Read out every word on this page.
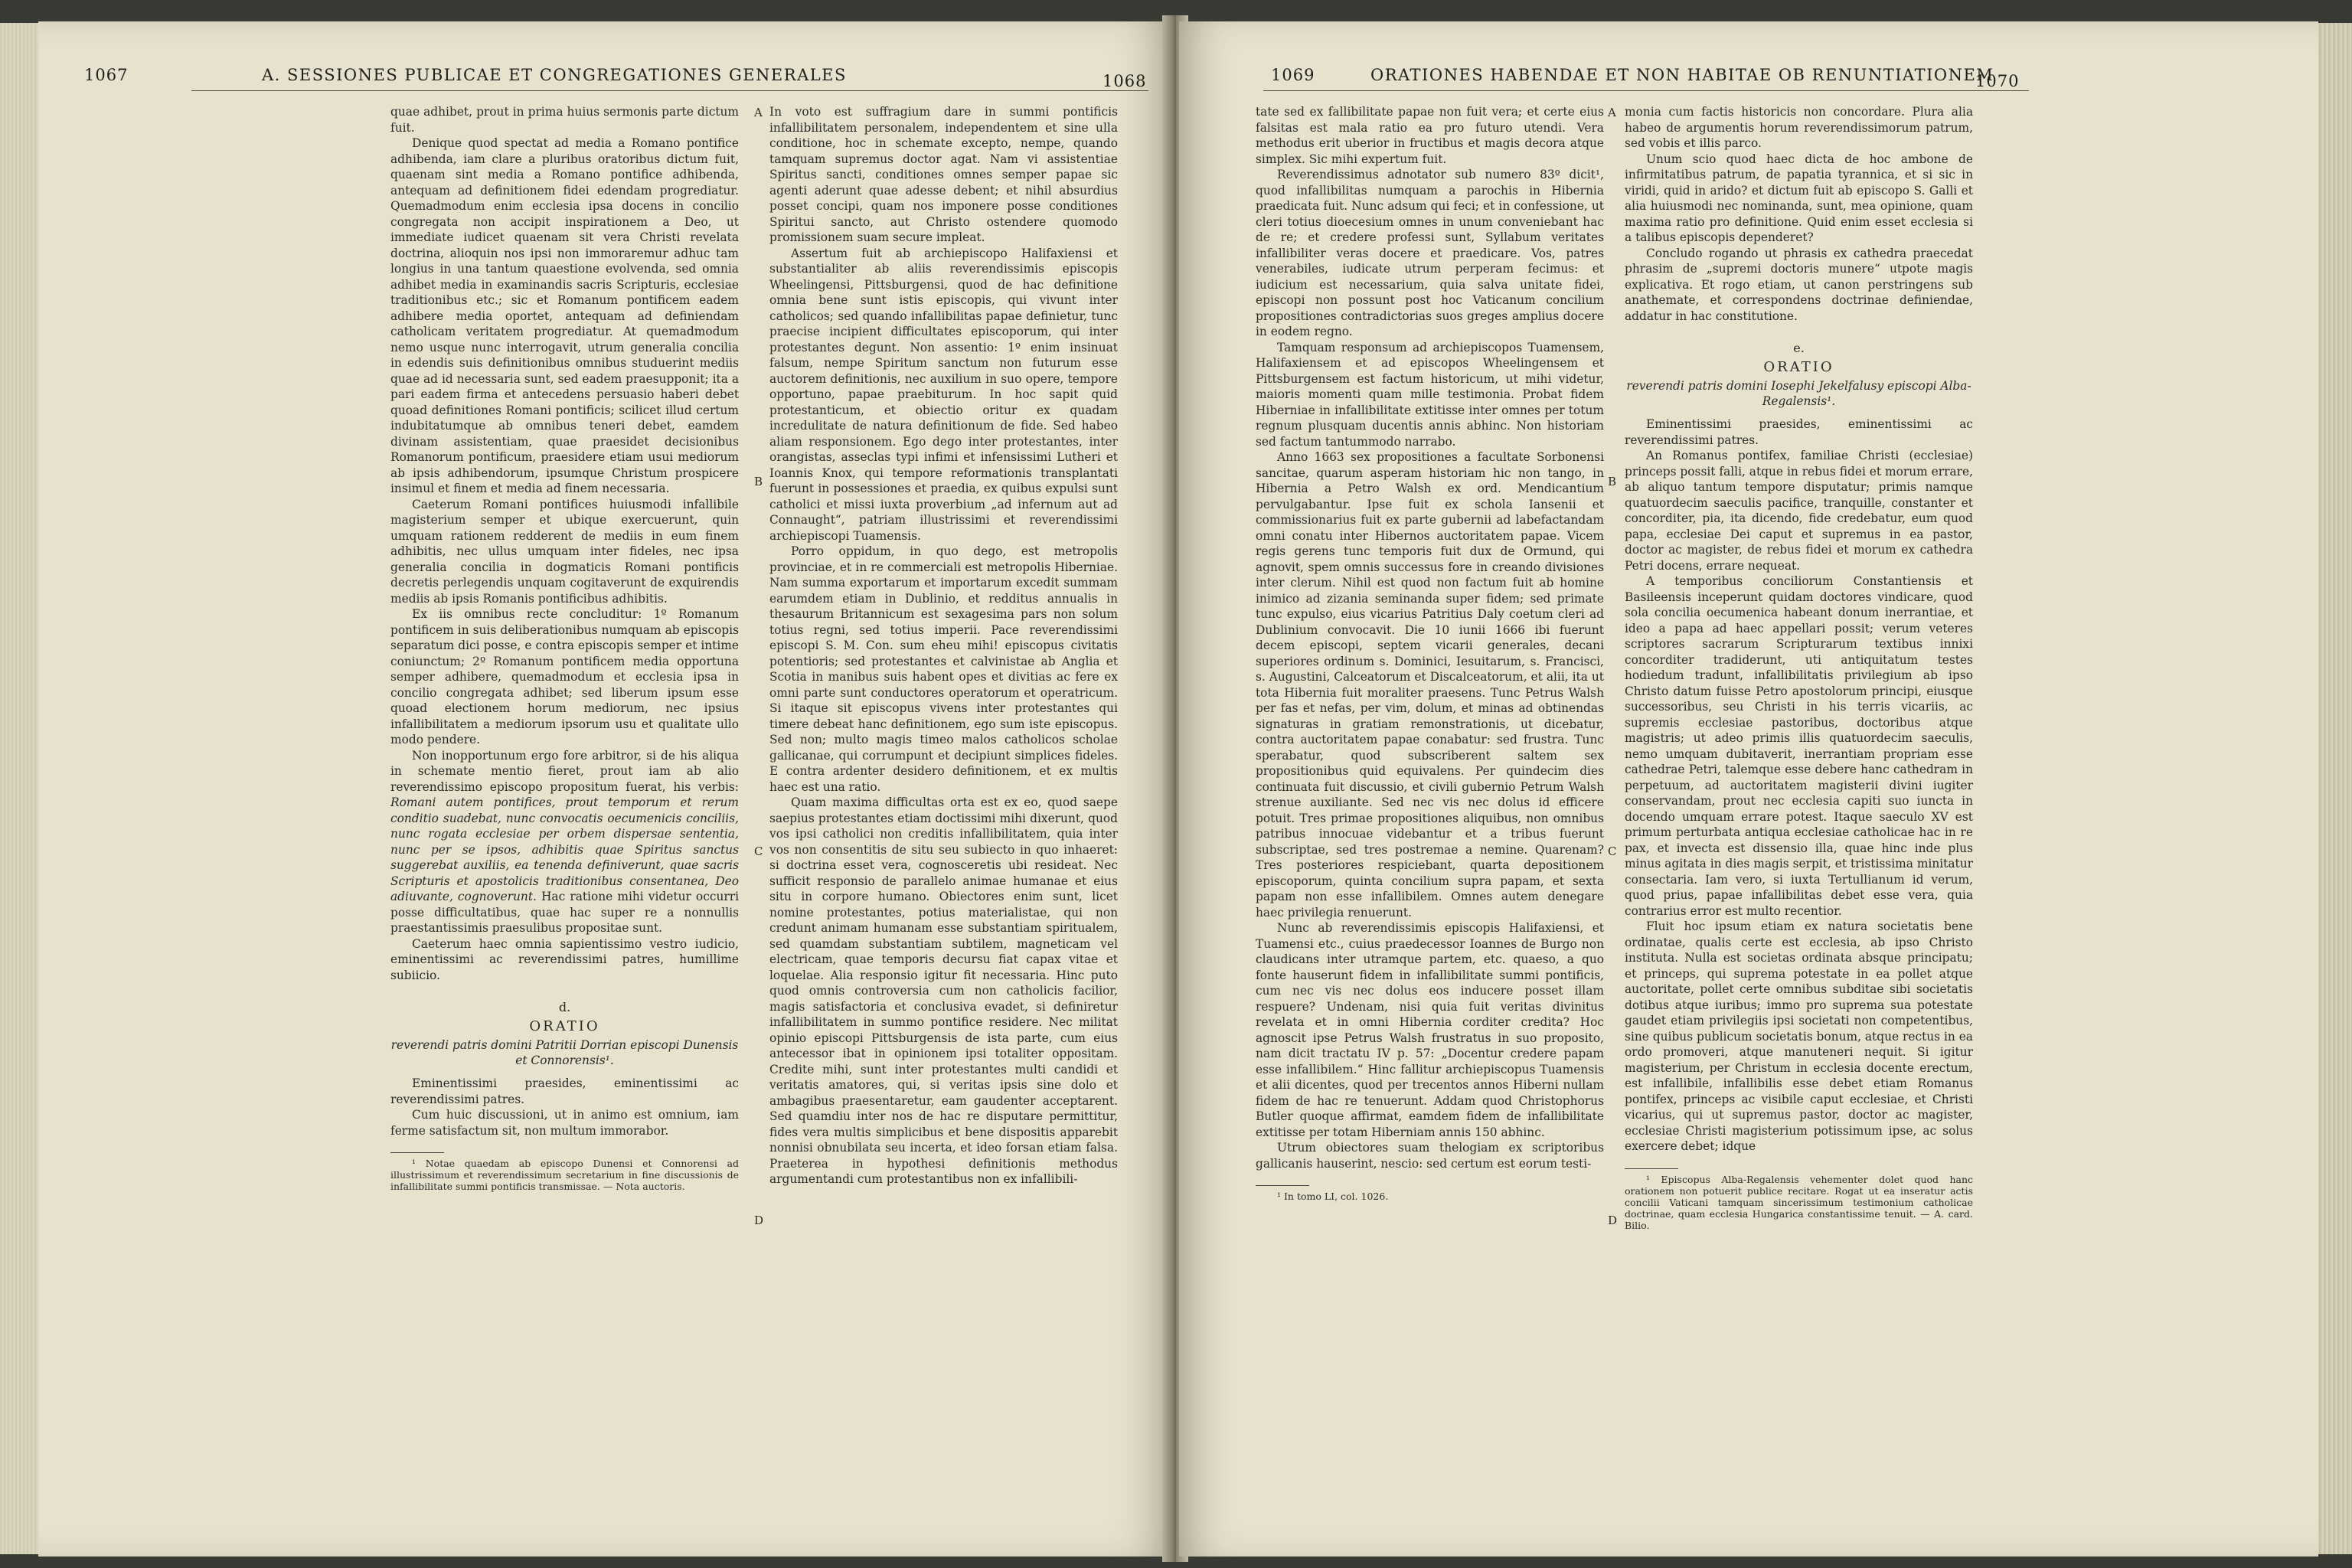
1067	A. SESSIONES PUBLICAE ET CONGREGATIONES GENERALES	1068

quae adhibet, prout in prima huius sermonis parte dictum fuit.

Denique quod spectat ad media a Romano pontifice adhibenda, iam clare a pluribus oratoribus dictum fuit, quaenam sint media a Romano pontifice adhibenda, antequam ad definitionem fidei edendam progrediatur. Quemadmodum enim ecclesia ipsa docens in concilio congregata non accipit inspirationem a Deo, ut immediate iudicet quaenam sit vera Christi revelata doctrina, alioquin nos ipsi non immoraremur adhuc tam longius in una tantum quaestione evolvenda, sed omnia adhibet media in examinandis sacris Scripturis, ecclesiae traditionibus etc.; sic et Romanum pontificem eadem adhibere media oportet, antequam ad definiendam catholicam veritatem progrediatur. At quemadmodum nemo usque nunc interrogavit, utrum generalia concilia in edendis suis definitionibus omnibus studuerint mediis quae ad id necessaria sunt, sed eadem praesupponit; ita a pari eadem firma et antecedens persuasio haberi debet quoad definitiones Romani pontificis; scilicet illud certum indubitatumque ab omnibus teneri debet, eamdem divinam assistentiam, quae praesidet decisionibus Romanorum pontificum, praesidere etiam usui mediorum ab ipsis adhibendorum, ipsumque Christum prospicere insimul et finem et media ad finem necessaria.

Caeterum Romani pontifices huiusmodi infallibile magisterium semper et ubique exercuerunt, quin umquam rationem redderent de mediis in eum finem adhibitis, nec ullus umquam inter fideles, nec ipsa generalia concilia in dogmaticis Romani pontificis decretis perlegendis unquam cogitaverunt de exquirendis mediis ab ipsis Romanis pontificibus adhibitis.

Ex iis omnibus recte concluditur: 1º Romanum pontificem in suis deliberationibus numquam ab episcopis separatum dici posse, e contra episcopis semper et intime coniunctum; 2º Romanum pontificem media opportuna semper adhibere, quemadmodum et ecclesia ipsa in concilio congregata adhibet; sed liberum ipsum esse quoad electionem horum mediorum, nec ipsius infallibilitatem a mediorum ipsorum usu et qualitate ullo modo pendere.

Non inopportunum ergo fore arbitror, si de his aliqua in schemate mentio fieret, prout iam ab alio reverendissimo episcopo propositum fuerat, his verbis: Romani autem pontifices, prout temporum et rerum conditio suadebat, nunc convocatis oecumenicis conciliis, nunc rogata ecclesiae per orbem dispersae sententia, nunc per se ipsos, adhibitis quae Spiritus sanctus suggerebat auxiliis, ea tenenda definiverunt, quae sacris Scripturis et apostolicis traditionibus consentanea, Deo adiuvante, cognoverunt. Hac ratione mihi videtur occurri posse difficultatibus, quae hac super re a nonnullis praestantissimis praesulibus propositae sunt.

Caeterum haec omnia sapientissimo vestro iudicio, eminentissimi ac reverendissimi patres, humillime subiicio.

d.
ORATIO
reverendi patris domini Patritii Dorrian episcopi Dunensis et Connorensis¹.

Eminentissimi praesides, eminentissimi ac reverendissimi patres.

Cum huic discussioni, ut in animo est omnium, iam ferme satisfactum sit, non multum immorabor.

¹ Notae quaedam ab episcopo Dunensi et Connorensi ad illustrissimum et reverendissimum secretarium in fine discussionis de infallibilitate summi pontificis transmissae. — Nota auctoris.

A
B
C
D

In voto est suffragium dare in summi pontificis infallibilitatem personalem, independentem et sine ulla conditione, hoc in schemate excepto, nempe, quando tamquam supremus doctor agat. Nam vi assistentiae Spiritus sancti, conditiones omnes semper papae sic agenti aderunt quae adesse debent; et nihil absurdius posset concipi, quam nos imponere posse conditiones Spiritui sancto, aut Christo ostendere quomodo promissionem suam secure impleat.

Assertum fuit ab archiepiscopo Halifaxiensi et substantialiter ab aliis reverendissimis episcopis Wheelingensi, Pittsburgensi, quod de hac definitione omnia bene sunt istis episcopis, qui vivunt inter catholicos; sed quando infallibilitas papae definietur, tunc praecise incipient difficultates episcoporum, qui inter protestantes degunt. Non assentio: 1º enim insinuat falsum, nempe Spiritum sanctum non futurum esse auctorem definitionis, nec auxilium in suo opere, tempore opportuno, papae praebiturum. In hoc sapit quid protestanticum, et obiectio oritur ex quadam incredulitate de natura definitionum de fide. Sed habeo aliam responsionem. Ego dego inter protestantes, inter orangistas, asseclas typi infimi et infensissimi Lutheri et Ioannis Knox, qui tempore reformationis transplantati fuerunt in possessiones et praedia, ex quibus expulsi sunt catholici et missi iuxta proverbium „ad infernum aut ad Connaught“, patriam illustrissimi et reverendissimi archiepiscopi Tuamensis.

Porro oppidum, in quo dego, est metropolis provinciae, et in re commerciali est metropolis Hiberniae. Nam summa exportarum et importarum excedit summam earumdem etiam in Dublinio, et redditus annualis in thesaurum Britannicum est sexagesima pars non solum totius regni, sed totius imperii. Pace reverendissimi episcopi S. M. Con. sum eheu mihi! episcopus civitatis potentioris; sed protestantes et calvinistae ab Anglia et Scotia in manibus suis habent opes et divitias ac fere ex omni parte sunt conductores operatorum et operatricum. Si itaque sit episcopus vivens inter protestantes qui timere debeat hanc definitionem, ego sum iste episcopus. Sed non; multo magis timeo malos catholicos scholae gallicanae, qui corrumpunt et decipiunt simplices fideles. E contra ardenter desidero definitionem, et ex multis haec est una ratio.

Quam maxima difficultas orta est ex eo, quod saepe saepius protestantes etiam doctissimi mihi dixerunt, quod vos ipsi catholici non creditis infallibilitatem, quia inter vos non consentitis de situ seu subiecto in quo inhaeret: si doctrina esset vera, cognosceretis ubi resideat. Nec sufficit responsio de parallelo animae humanae et eius situ in corpore humano. Obiectores enim sunt, licet nomine protestantes, potius materialistae, qui non credunt animam humanam esse substantiam spiritualem, sed quamdam substantiam subtilem, magneticam vel electricam, quae temporis decursu fiat capax vitae et loquelae. Alia responsio igitur fit necessaria. Hinc puto quod omnis controversia cum non catholicis facilior, magis satisfactoria et conclusiva evadet, si definiretur infallibilitatem in summo pontifice residere. Nec militat opinio episcopi Pittsburgensis de ista parte, cum eius antecessor ibat in opinionem ipsi totaliter oppositam. Credite mihi, sunt inter protestantes multi candidi et veritatis amatores, qui, si veritas ipsis sine dolo et ambagibus praesentaretur, eam gaudenter acceptarent. Sed quamdiu inter nos de hac re disputare permittitur, fides vera multis simplicibus et bene dispositis apparebit nonnisi obnubilata seu incerta, et ideo forsan etiam falsa. Praeterea in hypothesi definitionis methodus argumentandi cum protestantibus non ex infallibili-

1069	ORATIONES HABENDAE ET NON HABITAE OB RENUNTIATIONEM
1070

tate sed ex fallibilitate papae non fuit vera; et certe eius falsitas est mala ratio ea pro futuro utendi. Vera methodus erit uberior in fructibus et magis decora atque simplex. Sic mihi expertum fuit.

Reverendissimus adnotator sub numero 83º dicit¹, quod infallibilitas numquam a parochis in Hibernia praedicata fuit. Nunc adsum qui feci; et in confessione, ut cleri totius dioecesium omnes in unum conveniebant hac de re; et credere professi sunt, Syllabum veritates infallibiliter veras docere et praedicare. Vos, patres venerabiles, iudicate utrum perperam fecimus: et iudicium est necessarium, quia salva unitate fidei, episcopi non possunt post hoc Vaticanum concilium propositiones contradictorias suos greges amplius docere in eodem regno.

Tamquam responsum ad archiepiscopos Tuamensem, Halifaxiensem et ad episcopos Wheelingensem et Pittsburgensem est factum historicum, ut mihi videtur, maioris momenti quam mille testimonia. Probat fidem Hiberniae in infallibilitate extitisse inter omnes per totum regnum plusquam ducentis annis abhinc. Non historiam sed factum tantummodo narrabo.

Anno 1663 sex propositiones a facultate Sorbonensi sancitae, quarum asperam historiam hic non tango, in Hibernia a Petro Walsh ex ord. Mendicantium pervulgabantur. Ipse fuit ex schola Iansenii et commissionarius fuit ex parte gubernii ad labefactandam omni conatu inter Hibernos auctoritatem papae. Vicem regis gerens tunc temporis fuit dux de Ormund, qui agnovit, spem omnis successus fore in creando divisiones inter clerum. Nihil est quod non factum fuit ab homine inimico ad zizania seminanda super fidem; sed primate tunc expulso, eius vicarius Patritius Daly coetum cleri ad Dublinium convocavit. Die 10 iunii 1666 ibi fuerunt decem episcopi, septem vicarii generales, decani superiores ordinum s. Dominici, Iesuitarum, s. Francisci, s. Augustini, Calceatorum et Discalceatorum, et alii, ita ut tota Hibernia fuit moraliter praesens. Tunc Petrus Walsh per fas et nefas, per vim, dolum, et minas ad obtinendas signaturas in gratiam remonstrationis, ut dicebatur, contra auctoritatem papae conabatur: sed frustra. Tunc sperabatur, quod subscriberent saltem sex propositionibus quid equivalens. Per quindecim dies continuata fuit discussio, et civili gubernio Petrum Walsh strenue auxiliante. Sed nec vis nec dolus id efficere potuit. Tres primae propositiones aliquibus, non omnibus patribus innocuae videbantur et a tribus fuerunt subscriptae, sed tres postremae a nemine. Quarenam? Tres posteriores respiciebant, quarta depositionem episcoporum, quinta concilium supra papam, et sexta papam non esse infallibilem. Omnes autem denegare haec privilegia renuerunt.

Nunc ab reverendissimis episcopis Halifaxiensi, et Tuamensi etc., cuius praedecessor Ioannes de Burgo non claudicans inter utramque partem, etc. quaeso, a quo fonte hauserunt fidem in infallibilitate summi pontificis, cum nec vis nec dolus eos inducere posset illam respuere? Undenam, nisi quia fuit veritas divinitus revelata et in omni Hibernia corditer credita? Hoc agnoscit ipse Petrus Walsh frustratus in suo proposito, nam dicit tractatu IV p. 57: „Docentur credere papam esse infallibilem.“ Hinc fallitur archiepiscopus Tuamensis et alii dicentes, quod per trecentos annos Hiberni nullam fidem de hac re tenuerunt. Addam quod Christophorus Butler quoque affirmat, eamdem fidem de infallibilitate extitisse per totam Hiberniam annis 150 abhinc.

Utrum obiectores suam thelogiam ex scriptoribus gallicanis hauserint, nescio: sed certum est eorum testi-

¹ In tomo LI, col. 1026.

A
B
C
D

monia cum factis historicis non concordare. Plura alia habeo de argumentis horum reverendissimorum patrum, sed vobis et illis parco.

Unum scio quod haec dicta de hoc ambone de infirmitatibus patrum, de papatia tyrannica, et si sic in viridi, quid in arido? et dictum fuit ab episcopo S. Galli et alia huiusmodi nec nominanda, sunt, mea opinione, quam maxima ratio pro definitione. Quid enim esset ecclesia si a talibus episcopis dependeret?

Concludo rogando ut phrasis ex cathedra praecedat phrasim de „supremi doctoris munere“ utpote magis explicativa. Et rogo etiam, ut canon perstringens sub anathemate, et correspondens doctrinae definiendae, addatur in hac constitutione.

e.
ORATIO
reverendi patris domini Iosephi Jekelfalusy episcopi Alba-Regalensis¹.

Eminentissimi praesides, eminentissimi ac reverendissimi patres.

An Romanus pontifex, familiae Christi (ecclesiae) princeps possit falli, atque in rebus fidei et morum errare, ab aliquo tantum tempore disputatur; primis namque quatuordecim saeculis pacifice, tranquille, constanter et concorditer, pia, ita dicendo, fide credebatur, eum quod papa, ecclesiae Dei caput et supremus in ea pastor, doctor ac magister, de rebus fidei et morum ex cathedra Petri docens, errare nequeat.

A temporibus conciliorum Constantiensis et Basileensis inceperunt quidam doctores vindicare, quod sola concilia oecumenica habeant donum inerrantiae, et ideo a papa ad haec appellari possit; verum veteres scriptores sacrarum Scripturarum textibus innixi concorditer tradiderunt, uti antiquitatum testes hodiedum tradunt, infallibilitatis privilegium ab ipso Christo datum fuisse Petro apostolorum principi, eiusque successoribus, seu Christi in his terris vicariis, ac supremis ecclesiae pastoribus, doctoribus atque magistris; ut adeo primis illis quatuordecim saeculis, nemo umquam dubitaverit, inerrantiam propriam esse cathedrae Petri, talemque esse debere hanc cathedram in perpetuum, ad auctoritatem magisterii divini iugiter conservandam, prout nec ecclesia capiti suo iuncta in docendo umquam errare potest. Itaque saeculo XV est primum perturbata antiqua ecclesiae catholicae hac in re pax, et invecta est dissensio illa, quae hinc inde plus minus agitata in dies magis serpit, et tristissima minitatur consectaria. Iam vero, si iuxta Tertullianum id verum, quod prius, papae infallibilitas debet esse vera, quia contrarius error est multo recentior.

Fluit hoc ipsum etiam ex natura societatis bene ordinatae, qualis certe est ecclesia, ab ipso Christo instituta. Nulla est societas ordinata absque principatu; et princeps, qui suprema potestate in ea pollet atque auctoritate, pollet certe omnibus subditae sibi societatis dotibus atque iuribus; immo pro suprema sua potestate gaudet etiam privilegiis ipsi societati non competentibus, sine quibus publicum societatis bonum, atque rectus in ea ordo promoveri, atque manuteneri nequit. Si igitur magisterium, per Christum in ecclesia docente erectum, est infallibile, infallibilis esse debet etiam Romanus pontifex, princeps ac visibile caput ecclesiae, et Christi vicarius, qui ut supremus pastor, doctor ac magister, ecclesiae Christi magisterium potissimum ipse, ac solus exercere debet; idque

¹ Episcopus Alba-Regalensis vehementer dolet quod hanc orationem non potuerit publice recitare. Rogat ut ea inseratur actis concilii Vaticani tamquam sincerissimum testimonium catholicae doctrinae, quam ecclesia Hungarica constantissime tenuit. — A. card. Bilio.
